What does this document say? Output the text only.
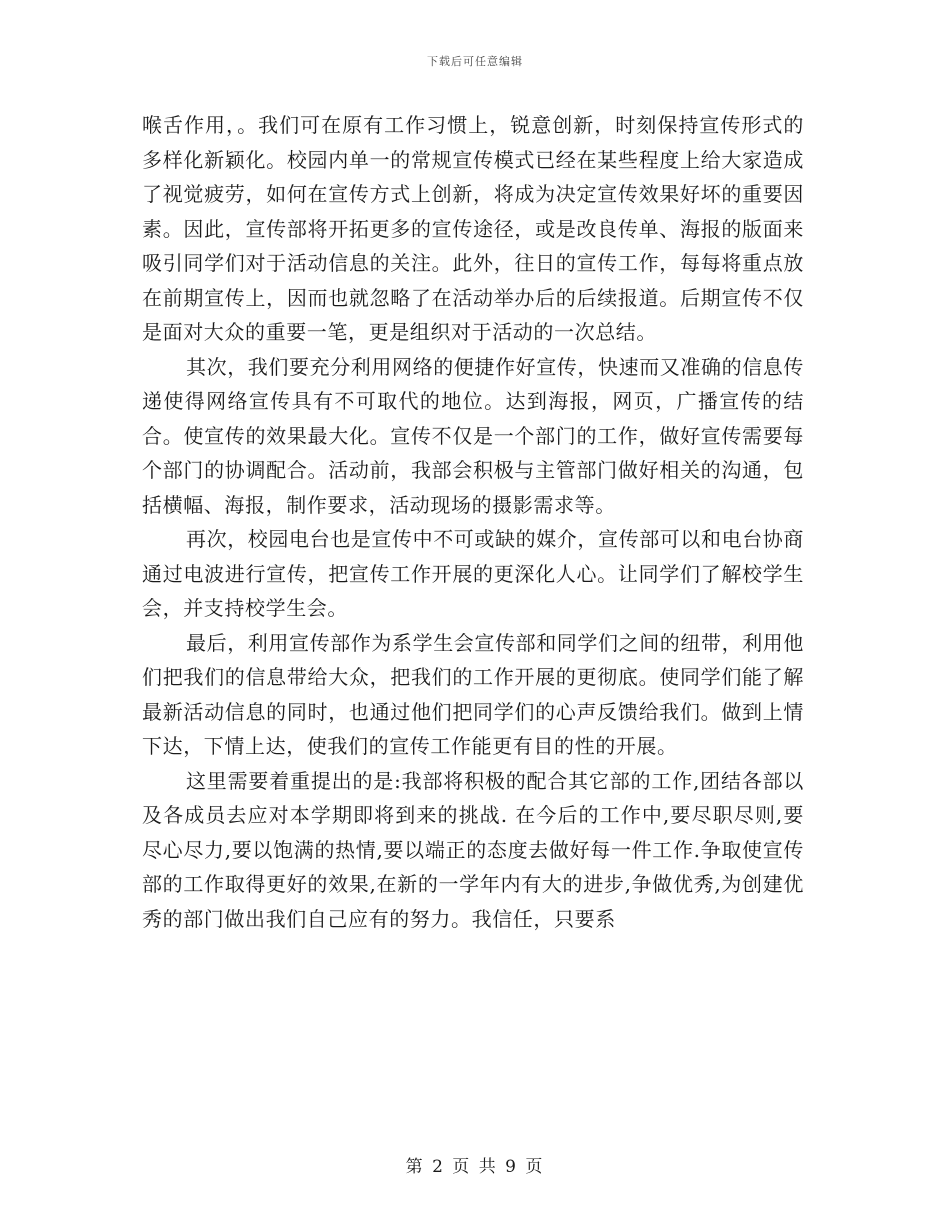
下载后可任意编辑

喉舌作用，。我们可在原有工作习惯上，锐意创新，时刻保持宣传形式的多样化新颖化。校园内单一的常规宣传模式已经在某些程度上给大家造成了视觉疲劳，如何在宣传方式上创新，将成为决定宣传效果好坏的重要因素。因此，宣传部将开拓更多的宣传途径，或是改良传单、海报的版面来吸引同学们对于活动信息的关注。此外，往日的宣传工作，每每将重点放在前期宣传上，因而也就忽略了在活动举办后的后续报道。后期宣传不仅是面对大众的重要一笔，更是组织对于活动的一次总结。

其次，我们要充分利用网络的便捷作好宣传，快速而又准确的信息传递使得网络宣传具有不可取代的地位。达到海报，网页，广播宣传的结合。使宣传的效果最大化。宣传不仅是一个部门的工作，做好宣传需要每个部门的协调配合。活动前，我部会积极与主管部门做好相关的沟通，包括横幅、海报，制作要求，活动现场的摄影需求等。

再次，校园电台也是宣传中不可或缺的媒介，宣传部可以和电台协商通过电波进行宣传，把宣传工作开展的更深化人心。让同学们了解校学生会，并支持校学生会。

最后，利用宣传部作为系学生会宣传部和同学们之间的纽带，利用他们把我们的信息带给大众，把我们的工作开展的更彻底。使同学们能了解最新活动信息的同时，也通过他们把同学们的心声反馈给我们。做到上情下达，下情上达，使我们的宣传工作能更有目的性的开展。

这里需要着重提出的是:我部将积极的配合其它部的工作,团结各部以及各成员去应对本学期即将到来的挑战. 在今后的工作中,要尽职尽则,要尽心尽力,要以饱满的热情,要以端正的态度去做好每一件工作.争取使宣传部的工作取得更好的效果,在新的一学年内有大的进步,争做优秀,为创建优秀的部门做出我们自己应有的努力。我信任，只要系

第 2 页 共 9 页
